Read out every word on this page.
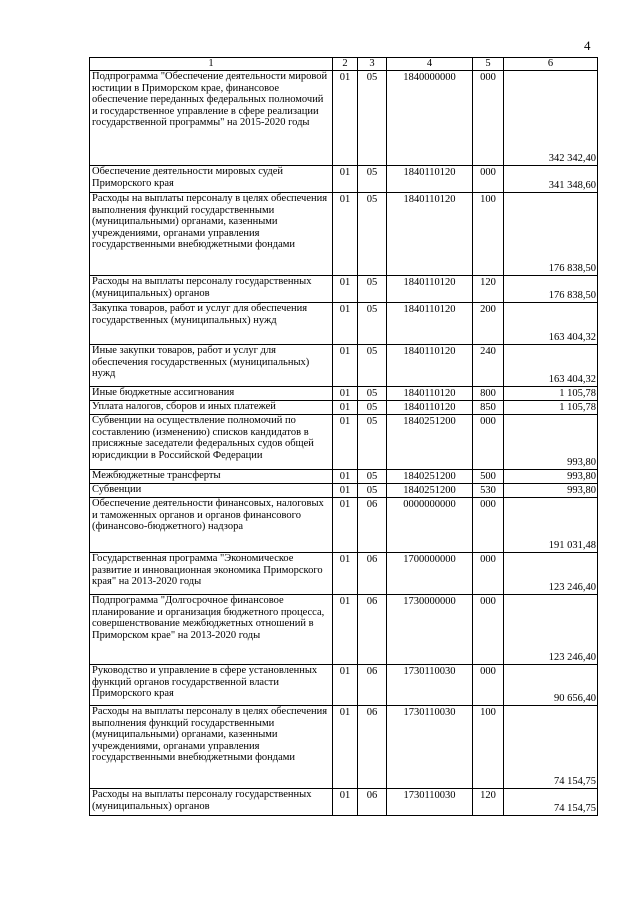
4
1	2	3	4	5	6
Подпрограмма "Обеспечение деятельности мировой юстиции в Приморском крае, финансовое обеспечение переданных федеральных полномочий и государственное управление в сфере реализации государственной программы" на 2015-2020 годы	01	05	1840000000	000	342 342,40
Обеспечение деятельности мировых судей Приморского края	01	05	1840110120	000	341 348,60
Расходы на выплаты персоналу в целях обеспечения выполнения функций государственными (муниципальными) органами, казенными учреждениями, органами управления государственными внебюджетными фондами	01	05	1840110120	100	176 838,50
Расходы на выплаты персоналу государственных (муниципальных) органов	01	05	1840110120	120	176 838,50
Закупка товаров, работ и услуг для обеспечения государственных (муниципальных) нужд	01	05	1840110120	200	163 404,32
Иные закупки товаров, работ и услуг для обеспечения государственных (муниципальных) нужд	01	05	1840110120	240	163 404,32
Иные бюджетные ассигнования	01	05	1840110120	800	1 105,78
Уплата налогов, сборов и иных платежей	01	05	1840110120	850	1 105,78
Субвенции на осуществление полномочий по составлению (изменению) списков кандидатов в присяжные заседатели федеральных судов общей юрисдикции в Российской Федерации	01	05	1840251200	000	993,80
Межбюджетные трансферты	01	05	1840251200	500	993,80
Субвенции	01	05	1840251200	530	993,80
Обеспечение деятельности финансовых, налоговых и таможенных органов и органов финансового (финансово-бюджетного) надзора	01	06	0000000000	000	191 031,48
Государственная программа "Экономическое развитие и инновационная экономика Приморского края" на 2013-2020 годы	01	06	1700000000	000	123 246,40
Подпрограмма "Долгосрочное финансовое планирование и организация бюджетного процесса, совершенствование межбюджетных отношений в Приморском крае" на 2013-2020 годы	01	06	1730000000	000	123 246,40
Руководство и управление в сфере установленных функций органов государственной власти Приморского края	01	06	1730110030	000	90 656,40
Расходы на выплаты персоналу в целях обеспечения выполнения функций государственными (муниципальными) органами, казенными учреждениями, органами управления государственными внебюджетными фондами	01	06	1730110030	100	74 154,75
Расходы на выплаты персоналу государственных (муниципальных) органов	01	06	1730110030	120	74 154,75
